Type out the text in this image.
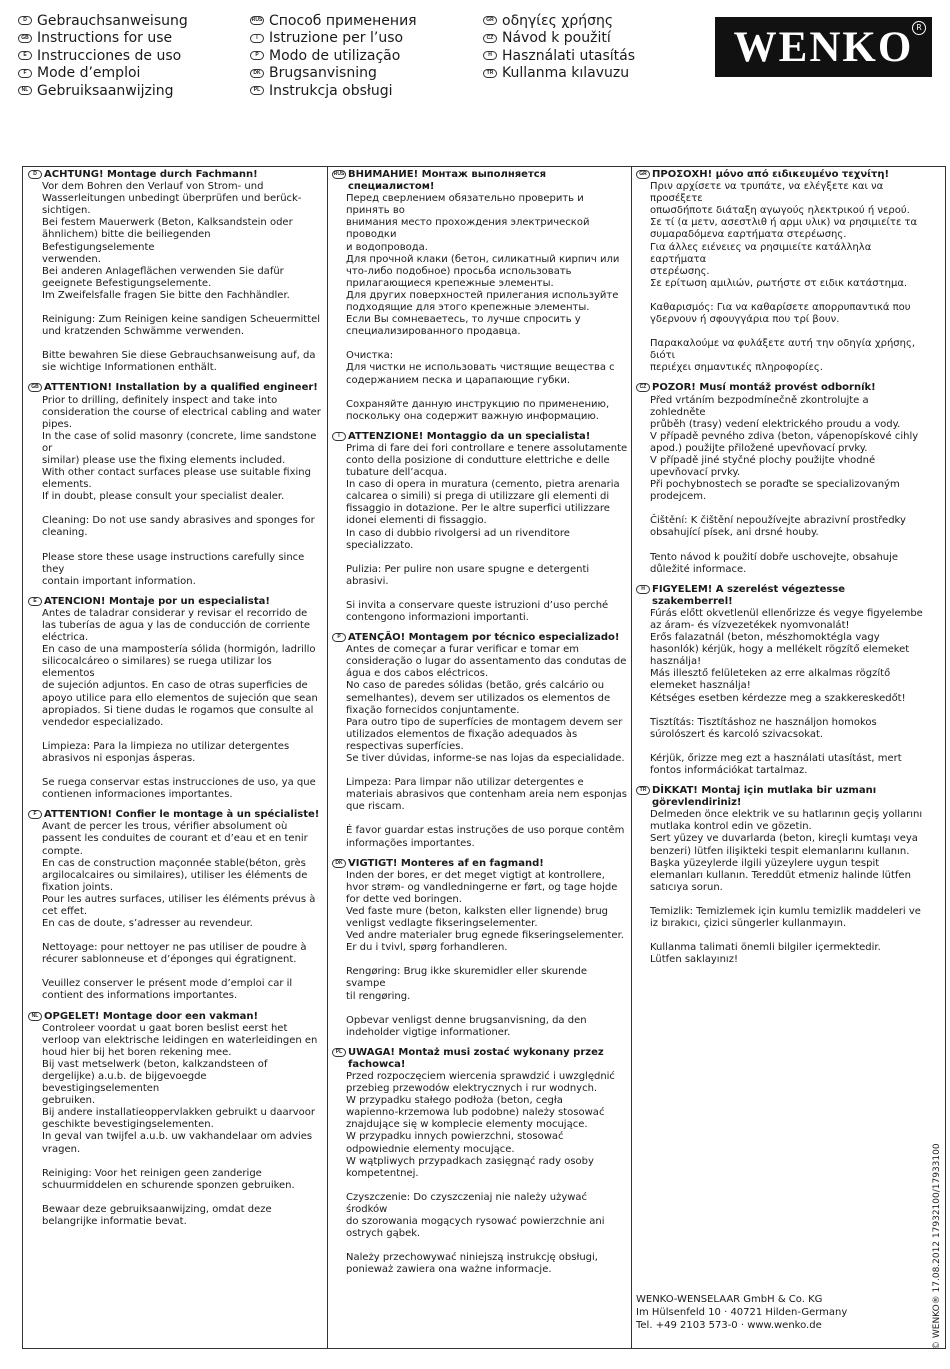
D Gebrauchsanweisung
GB Instructions for use
E Instrucciones de uso
F Mode d’emploi
NL Gebruiksaanwijzing
RUS Способ применения
I Istruzione per l’uso
P Modo de utilização
DK Brugsanvisning
PL Instrukcja obsługi
GR οδηγίες χρήσης
CZ Návod k použití
H Használati utasítás
TR Kullanma kılavuzu
WENKO R
D ACHTUNG! Montage durch Fachmann!
Vor dem Bohren den Verlauf von Strom- und
Wasserleitungen unbedingt überprüfen und berück-
sichtigen.
Bei festem Mauerwerk (Beton, Kalksandstein oder
ähnlichem) bitte die beiliegenden Befestigungselemente
verwenden.
Bei anderen Anlageflächen verwenden Sie dafür
geeignete Befestigungselemente.
Im Zweifelsfalle fragen Sie bitte den Fachhändler.
Reinigung: Zum Reinigen keine sandigen Scheuermittel
und kratzenden Schwämme verwenden.
Bitte bewahren Sie diese Gebrauchsanweisung auf, da
sie wichtige Informationen enthält.
GB ATTENTION! Installation by a qualified engineer!
Prior to drilling, definitely inspect and take into
consideration the course of electrical cabling and water
pipes.
In the case of solid masonry (concrete, lime sandstone or
similar) please use the fixing elements included.
With other contact surfaces please use suitable fixing
elements.
If in doubt, please consult your specialist dealer.
Cleaning: Do not use sandy abrasives and sponges for
cleaning.
Please store these usage instructions carefully since they
contain important information.
E ATENCION! Montaje por un especialista!
Antes de taladrar considerar y revisar el recorrido de
las tuberías de agua y las de conducción de corriente
eléctrica.
En caso de una mampostería sólida (hormigón, ladrillo
silicocalcáreo o similares) se ruega utilizar los elementos
de sujeción adjuntos. En caso de otras superficies de
apoyo utilice para ello elementos de sujeción que sean
apropiados. Si tiene dudas le rogamos que consulte al
vendedor especializado.
Limpieza: Para la limpieza no utilizar detergentes
abrasivos ni esponjas ásperas.
Se ruega conservar estas instrucciones de uso, ya que
contienen informaciones importantes.
F ATTENTION! Confier le montage à un spécialiste!
Avant de percer les trous, vérifier absolument où
passent les conduites de courant et d’eau et en tenir
compte.
En cas de construction maçonnée stable(béton, grès
argilocalcaires ou similaires), utiliser les éléments de
fixation joints.
Pour les autres surfaces, utiliser les éléments prévus à
cet effet.
En cas de doute, s’adresser au revendeur.
Nettoyage: pour nettoyer ne pas utiliser de poudre à
récurer sablonneuse et d’éponges qui égratignent.
Veuillez conserver le présent mode d’emploi car il
contient des informations importantes.
NL OPGELET! Montage door een vakman!
Controleer voordat u gaat boren beslist eerst het
verloop van elektrische leidingen en waterleidingen en
houd hier bij het boren rekening mee.
Bij vast metselwerk (beton, kalkzandsteen of
dergelijke) a.u.b. de bijgevoegde bevestigingselementen
gebruiken.
Bij andere installatieoppervlakken gebruikt u daarvoor
geschikte bevestigingselementen.
In geval van twijfel a.u.b. uw vakhandelaar om advies
vragen.
Reiniging: Voor het reinigen geen zanderige
schuurmiddelen en schurende sponzen gebruiken.
Bewaar deze gebruiksaanwijzing, omdat deze
belangrijke informatie bevat.
RUS ВНИМАНИЕ! Монтаж выполняется специалистом!
Перед сверлением обязательно проверить и принять во
внимания место прохождения электрической проводки
и водопровода.
Для прочной клаки (бетон, силикатный кирпич или
что-либо подобное) просьба использовать
прилагающиеся крепежные элементы.
Для других поверхностей прилегания используйте
подходящие для этого крепежные элементы.
Если Вы сомневаетесь, то лучше спросить у
специализированного продавца.
Очистка:
Для чистки не использовать чистящие вещества с
содержанием песка и царапающие губки.
Сохраняйте данную инструкцию по применению,
поскольку она содержит важную информацию.
I ATTENZIONE! Montaggio da un specialista!
Prima di fare dei fori controllare e tenere assolutamente
conto della posizione di condutture elettriche e delle
tubature dell’acqua.
In caso di opera in muratura (cemento, pietra arenaria
calcarea o simili) si prega di utilizzare gli elementi di
fissaggio in dotazione. Per le altre superfici utilizzare
idonei elementi di fissaggio.
In caso di dubbio rivolgersi ad un rivenditore
specializzato.
Pulizia: Per pulire non usare spugne e detergenti
abrasivi.
Si invita a conservare queste istruzioni d’uso perché
contengono informazioni importanti.
P ATENÇÃO! Montagem por técnico especializado!
Antes de começar a furar verificar e tomar em
consideração o lugar do assentamento das condutas de
água e dos cabos eléctricos.
No caso de paredes sólidas (betão, grés calcário ou
semelhantes), devem ser utilizados os elementos de
fixação fornecidos conjuntamente.
Para outro tipo de superfícies de montagem devem ser
utilizados elementos de fixação adequados às
respectivas superfícies.
Se tiver dúvidas, informe-se nas lojas da especialidade.
Limpeza: Para limpar não utilizar detergentes e
materiais abrasivos que contenham areia nem esponjas
que riscam.
É favor guardar estas instruções de uso porque contêm
informações importantes.
DK VIGTIGT! Monteres af en fagmand!
Inden der bores, er det meget vigtigt at kontrollere,
hvor strøm- og vandledningerne er ført, og tage hojde
for dette ved boringen.
Ved faste mure (beton, kalksten eller lignende) brug
venligst vedlagte fikseringselementer.
Ved andre materialer brug egnede fikseringselementer.
Er du i tvivl, spørg forhandleren.
Rengøring: Brug ikke skuremidler eller skurende svampe
til rengøring.
Opbevar venligst denne brugsanvisning, da den
indeholder vigtige informationer.
PL UWAGA! Montaż musi zostać wykonany przez fachowca!
Przed rozpoczęciem wiercenia sprawdzić i uwzględnić
przebieg przewodów elektrycznych i rur wodnych.
W przypadku stałego podłoża (beton, cegła
wapienno-krzemowa lub podobne) należy stosować
znajdujące się w komplecie elementy mocujące.
W przypadku innych powierzchni, stosować
odpowiednie elementy mocujące.
W wątpliwych przypadkach zasięgnąć rady osoby
kompetentnej.
Czyszczenie: Do czyszczeniaj nie należy używać środków
do szorowania mogących rysować powierzchnie ani
ostrych gąbek.
Należy przechowywać niniejszą instrukcję obsługi,
ponieważ zawiera ona ważne informacje.
GR ΠΡΟΣΟΧΗ! μόνο από ειδικευμένο τεχνίτη!
Πριν αρχίσετε να τρυπάτε, να ελέγξετε και να προσέξετε
οπωσδήποτε διάταξη αγωγούς ηλεκτρικού ή νερού.
Σε τί (α μετν, ασεστλιθ ή αρμι υλικ) να ρησιμιείτε τα
συμαραδόμενα εαρτήματα στερέωσης.
Για άλλες ειένειες να ρησιμιείτε κατάλληλα εαρτήματα
στερέωσης.
Σε ερίτωση αμιλιών, ρωτήστε στ ειδικ κατάστημα.
Καθαρισμός: Για να καθαρίσετε απορρυπαντικά που
γδερνουν ή σφουγγάρια που τρί βουν.
Παρακαλούμε να φυλάξετε αυτή την οδηγία χρήσης, διότι
περιέχει σημαντικές πληροφορίες.
CZ POZOR! Musí montáž provést odborník!
Před vrtáním bezpodmínečně zkontrolujte a zohledněte
průběh (trasy) vedení elektrického proudu a vody.
V případě pevného zdiva (beton, vápenopískové cihly
apod.) použijte přiložené upevňovací prvky.
V případě jiné styčné plochy použijte vhodné
upevňovací prvky.
Při pochybnostech se poraďte se specializovaným
prodejcem.
Čištění: K čištění nepoužívejte abrazivní prostředky
obsahující písek, ani drsné houby.
Tento návod k použití dobře uschovejte, obsahuje
důležité informace.
H FIGYELEM! A szerelést végeztesse szakemberrel!
Fúrás előtt okvetlenül ellenőrizze és vegye figyelembe
az áram- és vízvezetékek nyomvonalát!
Erős falazatnál (beton, mészhomoktégla vagy
hasonlók) kérjük, hogy a mellékelt rögzítő elemeket
használja!
Más illesztő felületeken az erre alkalmas rögzítő
elemeket használja!
Kétséges esetben kérdezze meg a szakkereskedőt!
Tisztítás: Tisztításhoz ne használjon homokos
súrolószert és karcoló szivacsokat.
Kérjük, őrizze meg ezt a használati utasítást, mert
fontos információkat tartalmaz.
TR DİKKAT! Montaj için mutlaka bir uzmanı görevlendiriniz!
Delmeden önce elektrik ve su hatlarının geçiş yollarını
mutlaka kontrol edin ve gözetin.
Sert yüzey ve duvarlarda (beton, kireçli kumtaşı veya
benzeri) lütfen ilişikteki tespit elemanlarını kullanın.
Başka yüzeylerde ilgili yüzeylere uygun tespit
elemanları kullanın. Tereddüt etmeniz halinde lütfen
satıcıya sorun.
Temizlik: Temizlemek için kumlu temizlik maddeleri ve
iz bırakıcı, çizici süngerler kullanmayın.
Kullanma talimati önemli bilgiler içermektedir.
Lütfen saklayınız!
WENKO-WENSELAAR GmbH & Co. KG
Im Hülsenfeld 10 · 40721 Hilden-Germany
Tel. +49 2103 573-0 · www.wenko.de	© WENKO® 17.08.2012 17932100/17933100
